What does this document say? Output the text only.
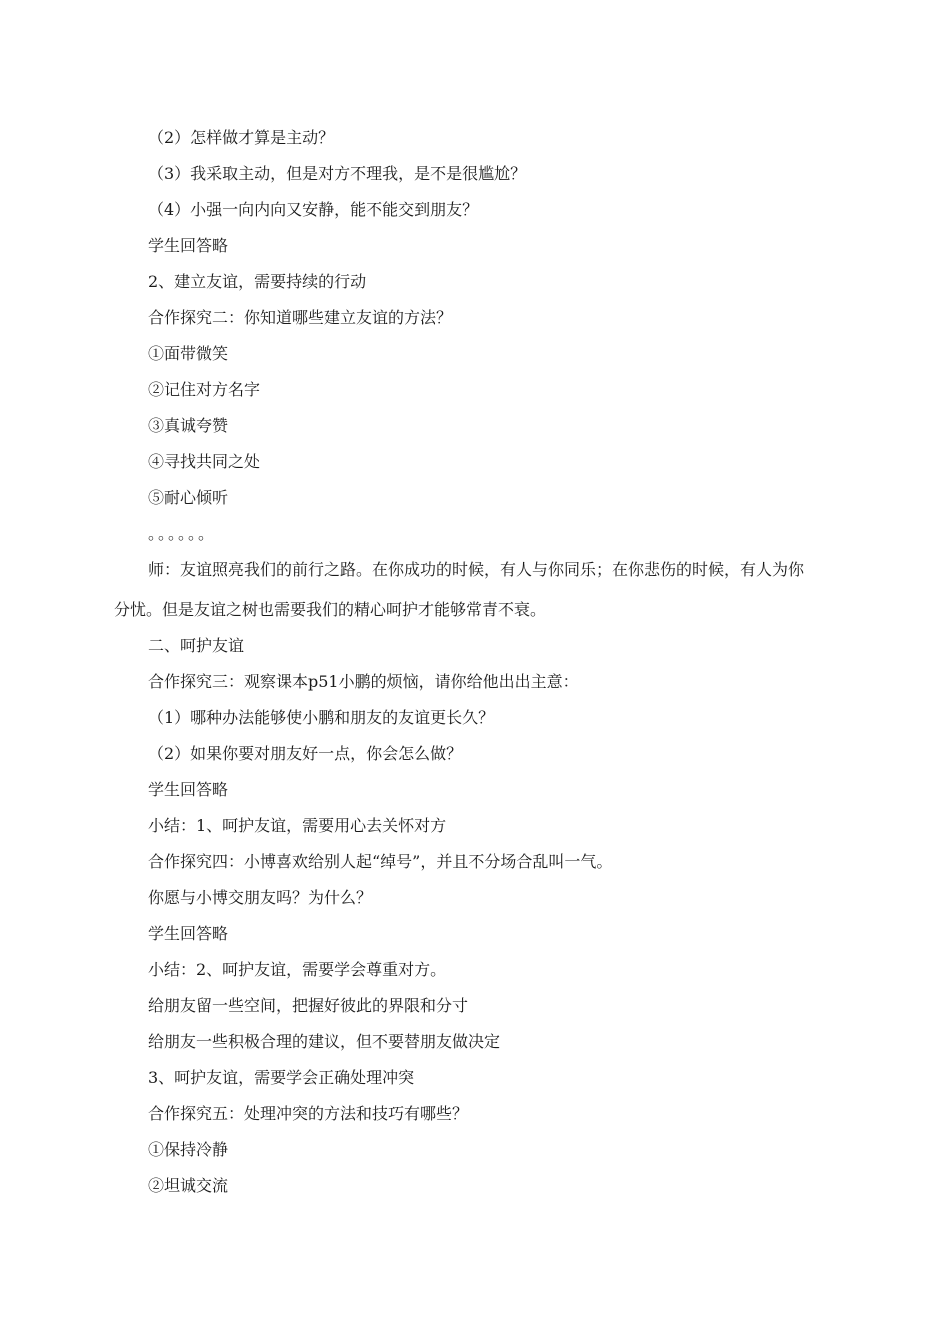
（2）怎样做才算是主动？
（3）我采取主动，但是对方不理我，是不是很尴尬？
（4）小强一向内向又安静，能不能交到朋友？
学生回答略
2、建立友谊，需要持续的行动
合作探究二：你知道哪些建立友谊的方法？
①面带微笑
②记住对方名字
③真诚夸赞
④寻找共同之处
⑤耐心倾听
。。。。。。
师：友谊照亮我们的前行之路。在你成功的时候，有人与你同乐；在你悲伤的时候，有人为你
分忧。但是友谊之树也需要我们的精心呵护才能够常青不衰。
二、呵护友谊
合作探究三：观察课本p51小鹏的烦恼，请你给他出出主意：
（1）哪种办法能够使小鹏和朋友的友谊更长久？
（2）如果你要对朋友好一点，你会怎么做？
学生回答略
小结：1、呵护友谊，需要用心去关怀对方
合作探究四：小博喜欢给别人起“绰号”，并且不分场合乱叫一气。
你愿与小博交朋友吗？为什么？
学生回答略
小结：2、呵护友谊，需要学会尊重对方。
给朋友留一些空间，把握好彼此的界限和分寸
给朋友一些积极合理的建议，但不要替朋友做决定
3、呵护友谊，需要学会正确处理冲突
合作探究五：处理冲突的方法和技巧有哪些？
①保持冷静
②坦诚交流
